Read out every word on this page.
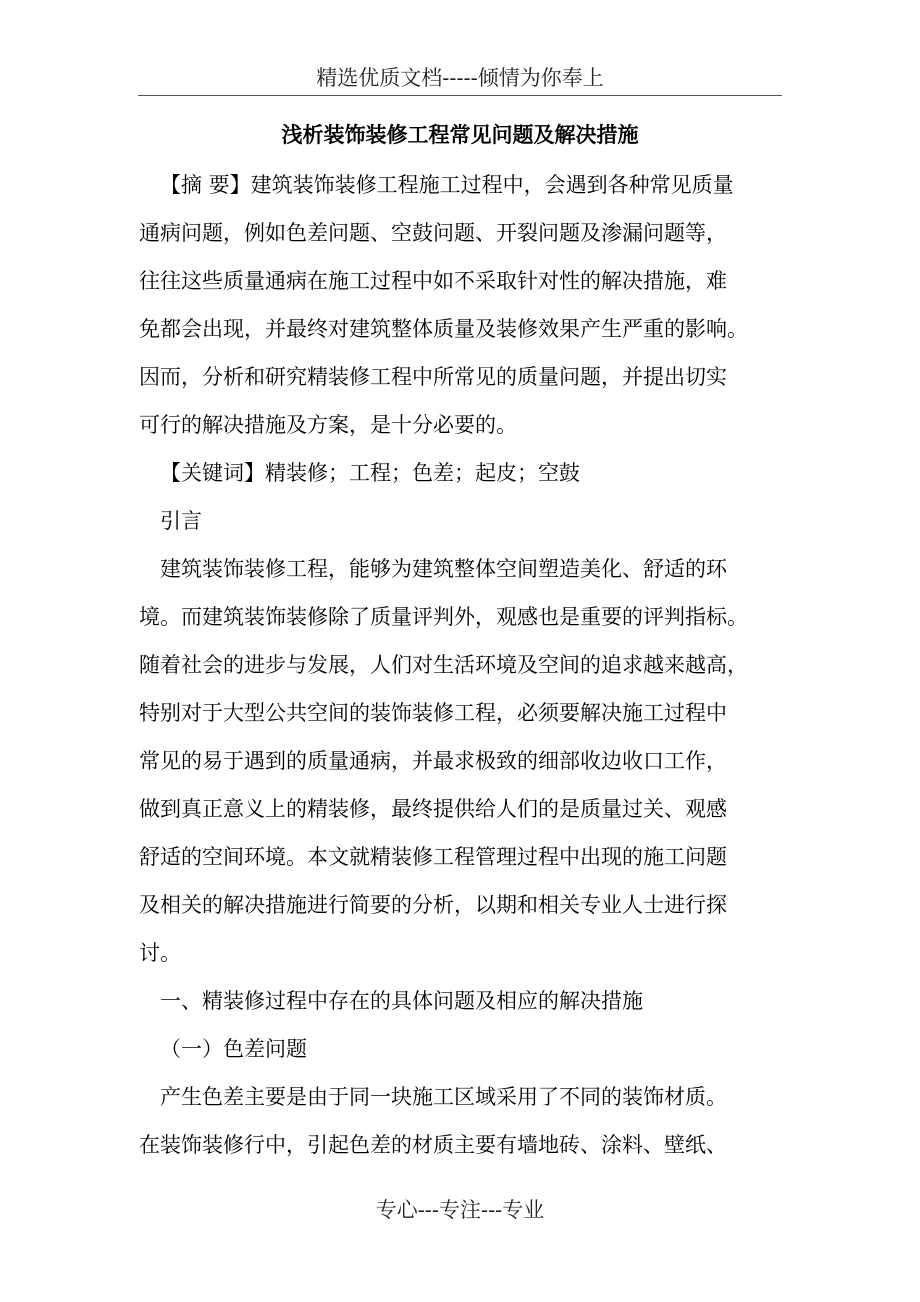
精选优质文档-----倾情为你奉上
浅析装饰装修工程常见问题及解决措施
【摘 要】建筑装饰装修工程施工过程中，会遇到各种常见质量
通病问题，例如色差问题、空鼓问题、开裂问题及渗漏问题等，
往往这些质量通病在施工过程中如不采取针对性的解决措施，难
免都会出现，并最终对建筑整体质量及装修效果产生严重的影响。
因而，分析和研究精装修工程中所常见的质量问题，并提出切实
可行的解决措施及方案，是十分必要的。
【关键词】精装修；工程；色差；起皮；空鼓
引言
建筑装饰装修工程，能够为建筑整体空间塑造美化、舒适的环
境。而建筑装饰装修除了质量评判外，观感也是重要的评判指标。
随着社会的进步与发展，人们对生活环境及空间的追求越来越高，
特别对于大型公共空间的装饰装修工程，必须要解决施工过程中
常见的易于遇到的质量通病，并最求极致的细部收边收口工作，
做到真正意义上的精装修，最终提供给人们的是质量过关、观感
舒适的空间环境。本文就精装修工程管理过程中出现的施工问题
及相关的解决措施进行简要的分析，以期和相关专业人士进行探
讨。
一、精装修过程中存在的具体问题及相应的解决措施
（一）色差问题
产生色差主要是由于同一块施工区域采用了不同的装饰材质。
在装饰装修行中，引起色差的材质主要有墙地砖、涂料、壁纸、
专心---专注---专业
